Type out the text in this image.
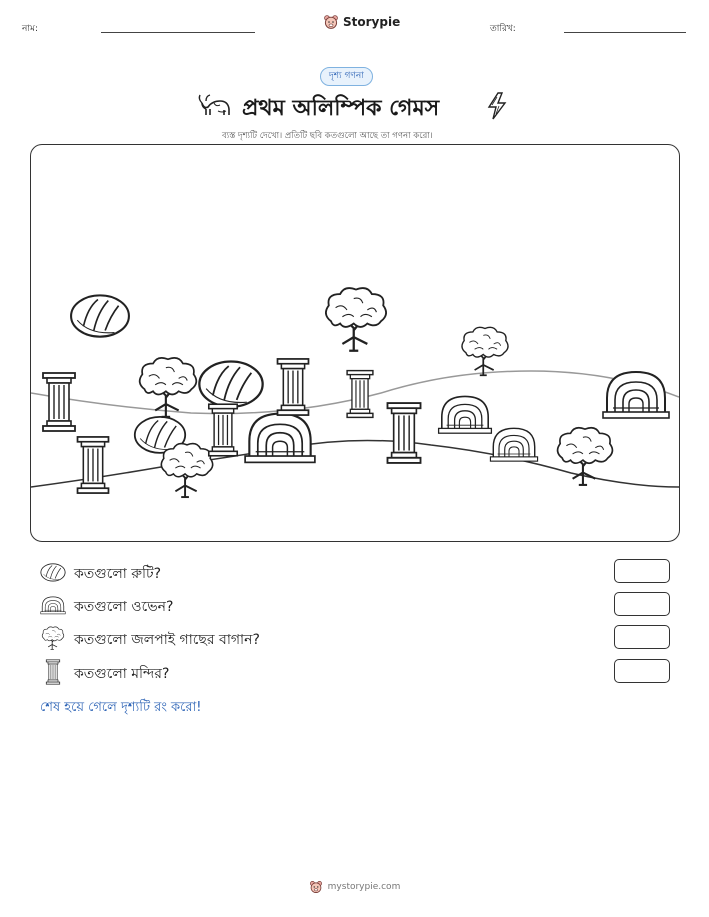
নাম:	Storypie	তারিখ:
দৃশ্য গণনা
প্রথম অলিম্পিক গেমস
ব্যস্ত দৃশ্যটি দেখো। প্রতিটি ছবি কতগুলো আছে তা গণনা করো।
কতগুলো রুটি?
কতগুলো ওভেন?
কতগুলো জলপাই গাছের বাগান?
কতগুলো মন্দির?
শেষ হয়ে গেলে দৃশ্যটি রং করো!
mystorypie.com
